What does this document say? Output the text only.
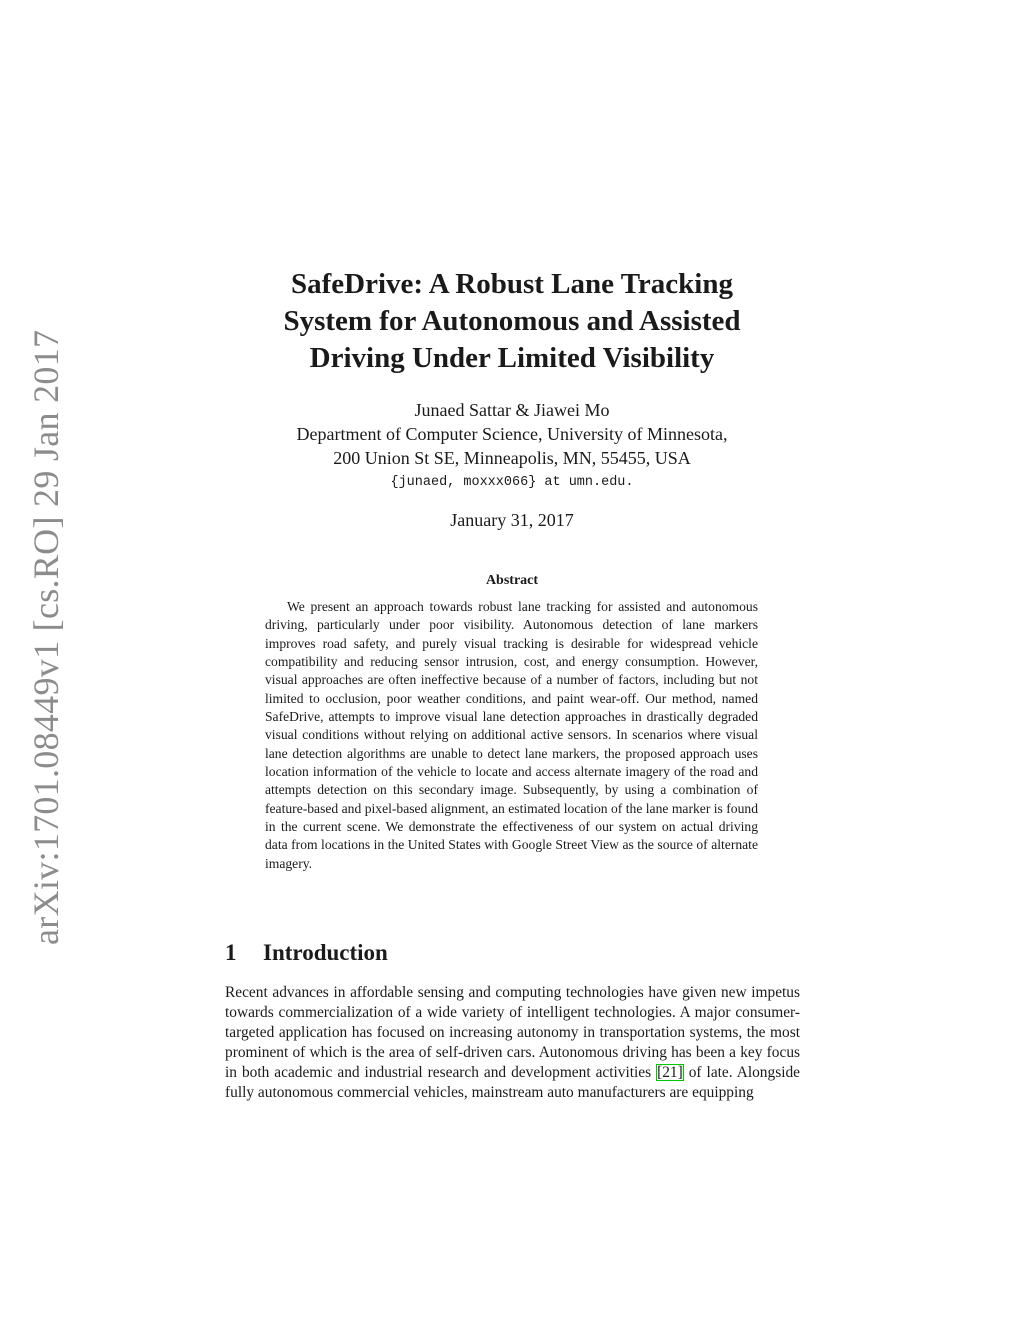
arXiv:1701.08449v1 [cs.RO] 29 Jan 2017
SafeDrive: A Robust Lane Tracking
System for Autonomous and Assisted
Driving Under Limited Visibility
Junaed Sattar & Jiawei Mo
Department of Computer Science, University of Minnesota,
200 Union St SE, Minneapolis, MN, 55455, USA
{junaed, moxxx066} at umn.edu.
January 31, 2017
Abstract

We present an approach towards robust lane tracking for assisted and autonomous driving, particularly under poor visibility. Autonomous detection of lane markers improves road safety, and purely visual tracking is desirable for widespread vehicle compatibility and reducing sensor intrusion, cost, and energy consumption. However, visual approaches are often ineffective because of a number of factors, including but not limited to occlusion, poor weather conditions, and paint wear-off. Our method, named SafeDrive, attempts to improve visual lane detection approaches in drastically degraded visual conditions without relying on additional active sensors. In scenarios where visual lane detection algorithms are unable to detect lane markers, the proposed approach uses location information of the vehicle to locate and access alternate imagery of the road and attempts detection on this secondary image. Subsequently, by using a combination of feature-based and pixel-based alignment, an estimated location of the lane marker is found in the current scene. We demonstrate the effectiveness of our system on actual driving data from locations in the United States with Google Street View as the source of alternate imagery.

1 Introduction

Recent advances in affordable sensing and computing technologies have given new impetus towards commercialization of a wide variety of intelligent technologies. A major consumer-targeted application has focused on increasing autonomy in transportation systems, the most prominent of which is the area of self-driven cars. Autonomous driving has been a key focus in both academic and industrial research and development activities [21] of late. Alongside fully autonomous commercial vehicles, mainstream auto manufacturers are equipping
